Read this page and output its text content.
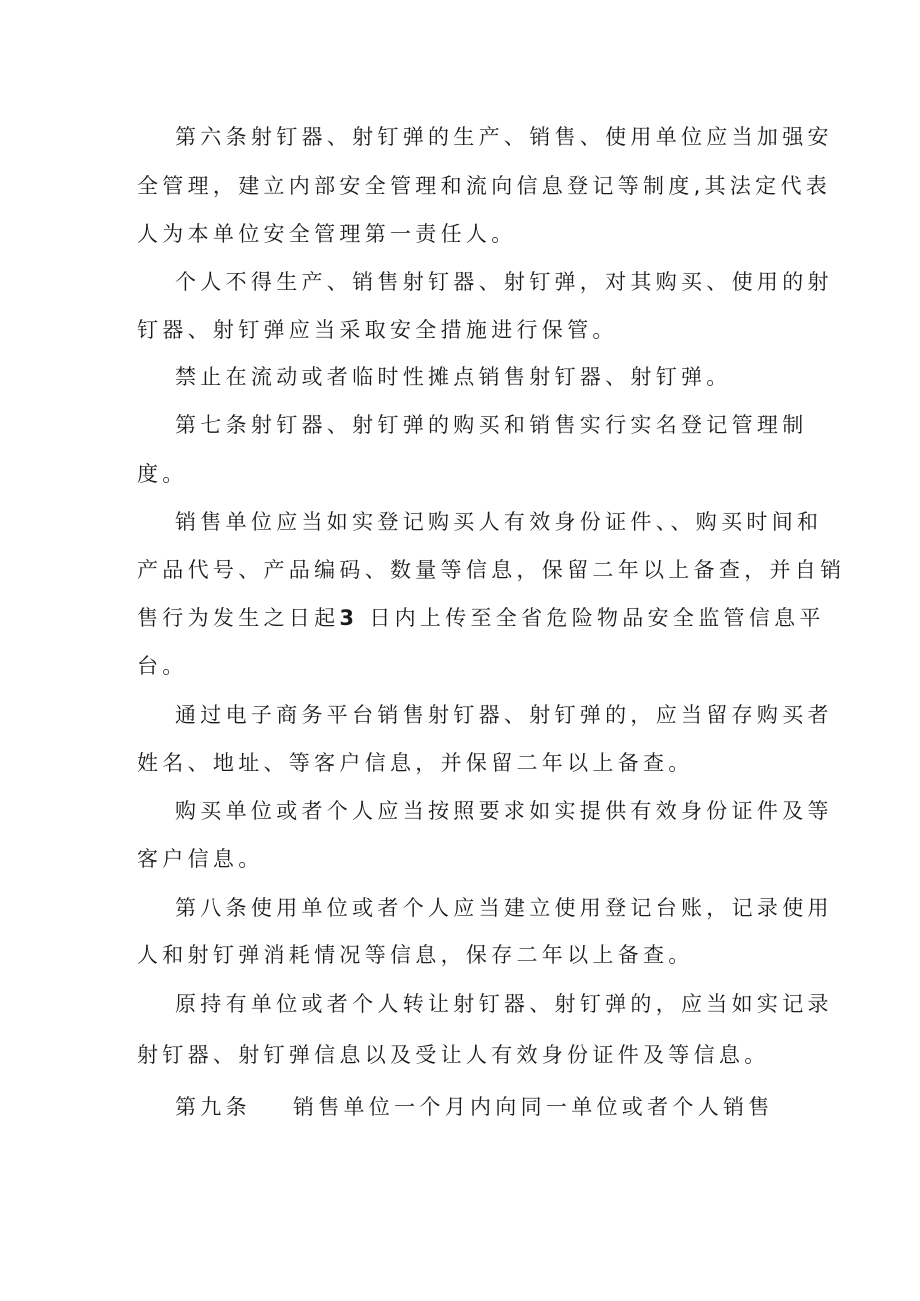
第六条射钉器、射钉弹的生产、销售、使用单位应当加强安
全管理，建立内部安全管理和流向信息登记等制度,其法定代表
人为本单位安全管理第一责任人。
个人不得生产、销售射钉器、射钉弹，对其购买、使用的射
钉器、射钉弹应当采取安全措施进行保管。
禁止在流动或者临时性摊点销售射钉器、射钉弹。
第七条射钉器、射钉弹的购买和销售实行实名登记管理制
度。
销售单位应当如实登记购买人有效身份证件、、购买时间和
产品代号、产品编码、数量等信息，保留二年以上备查，并自销
售行为发生之日起3 日内上传至全省危险物品安全监管信息平
台。
通过电子商务平台销售射钉器、射钉弹的，应当留存购买者
姓名、地址、等客户信息，并保留二年以上备查。
购买单位或者个人应当按照要求如实提供有效身份证件及等
客户信息。
第八条使用单位或者个人应当建立使用登记台账，记录使用
人和射钉弹消耗情况等信息，保存二年以上备查。
原持有单位或者个人转让射钉器、射钉弹的，应当如实记录
射钉器、射钉弹信息以及受让人有效身份证件及等信息。
第九条 销售单位一个月内向同一单位或者个人销售
